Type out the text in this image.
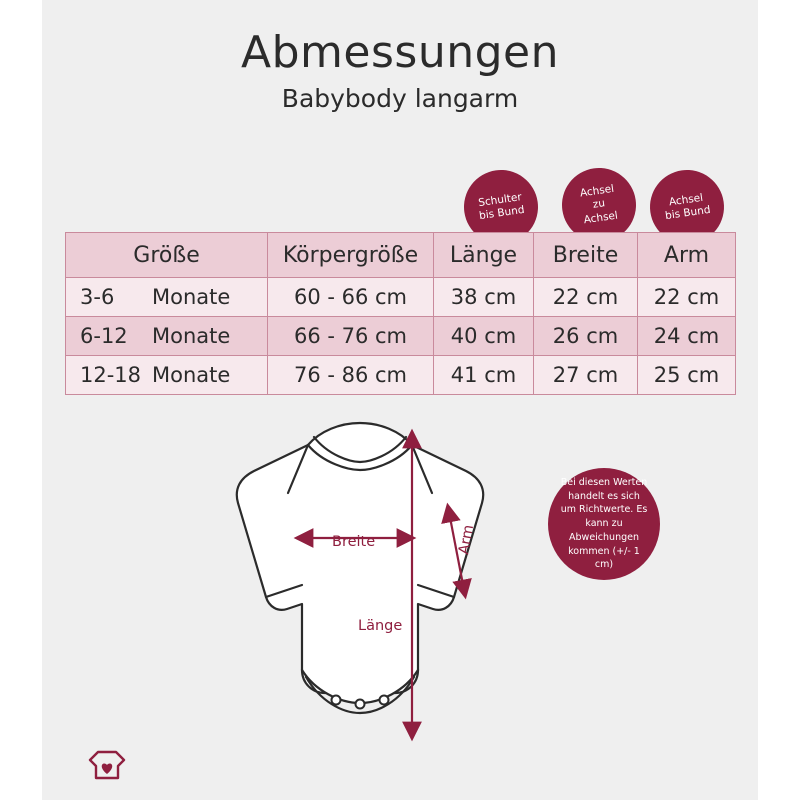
Abmessungen
Babybody langarm
Schulter
bis Bund
Achsel
zu
Achsel
Achsel
bis Bund
Größe	Körpergröße	Länge	Breite	Arm

3-6 Monate	60 - 66 cm	38 cm	22 cm	22 cm

6-12 Monate	66 - 76 cm	40 cm	26 cm	24 cm

12-18 Monate	76 - 86 cm	41 cm	27 cm	25 cm
Breite
Länge
Arm
Bei diesen Werten handelt es sich um Richtwerte. Es kann zu Abweichungen kommen (+/- 1 cm)
